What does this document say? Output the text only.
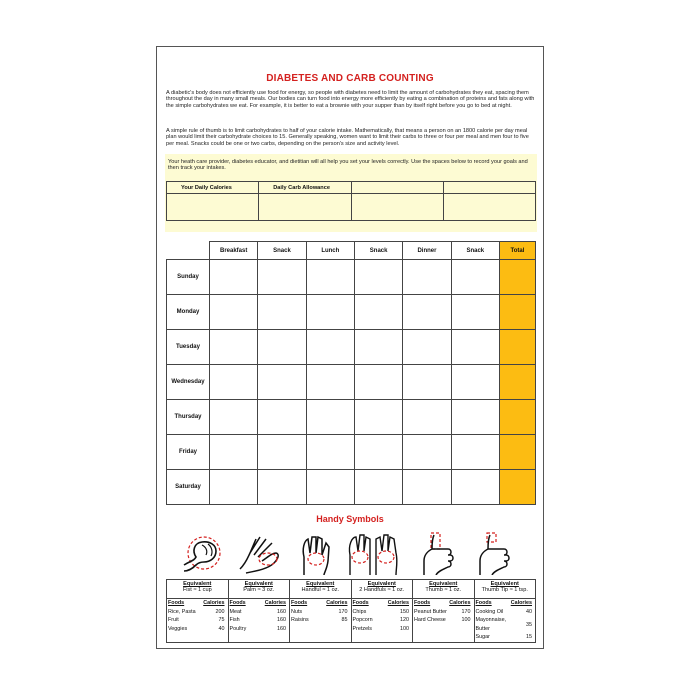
DIABETES AND CARB COUNTING
A diabetic's body does not efficiently use food for energy, so people with diabetes need to limit the amount of carbohydrates they eat, spacing them throughout the day in many small meals. Our bodies can turn food into energy more efficiently by eating a combination of proteins and fats along with the simple carbohydrates we eat. For example, it is better to eat a brownie with your supper than by itself right before you go to bed at night.
A simple rule of thumb is to limit carbohydrates to half of your calorie intake. Mathematically, that means a person on an 1800 calorie per day meal plan would limit their carbohydrate choices to 15. Generally speaking, women want to limit their carbs to three or four per meal and men four to five per meal. Snacks could be one or two carbs, depending on the person's size and activity level.
Your heath care provider, diabetes educator, and dietitian will all help you set your levels correctly. Use the spaces below to record your goals and then track your intakes.
Your Daily Calories	Daily Carb Allowance		

	Breakfast	Snack	Lunch	Snack	Dinner	Snack	Total
Sunday							
Monday							
Tuesday							
Wednesday							
Thursday							
Friday							
Saturday							
Handy Symbols
Equivalent
Fist ≈ 1 cup
Foods	Calories
Rice, Pasta	200
Fruit	75
Veggies	40

Equivalent
Palm ≈ 3 oz.
Foods	Calories
Meat	160
Fish	160
Poultry	160

Equivalent
Handful ≈ 1 oz.
Foods	Calories
Nuts	170
Raisins	85

Equivalent
2 Handfuls ≈ 1 oz.
Foods	Calories
Chips	150
Popcorn	120
Pretzels	100

Equivalent
Thumb ≈ 1 oz.
Foods	Calories
Peanut Butter	170
Hard Cheese	100

Equivalent
Thumb Tip ≈ 1 tsp.
Foods	Calories
Cooking Oil	40
Mayonnaise, Butter	35
Sugar	15
